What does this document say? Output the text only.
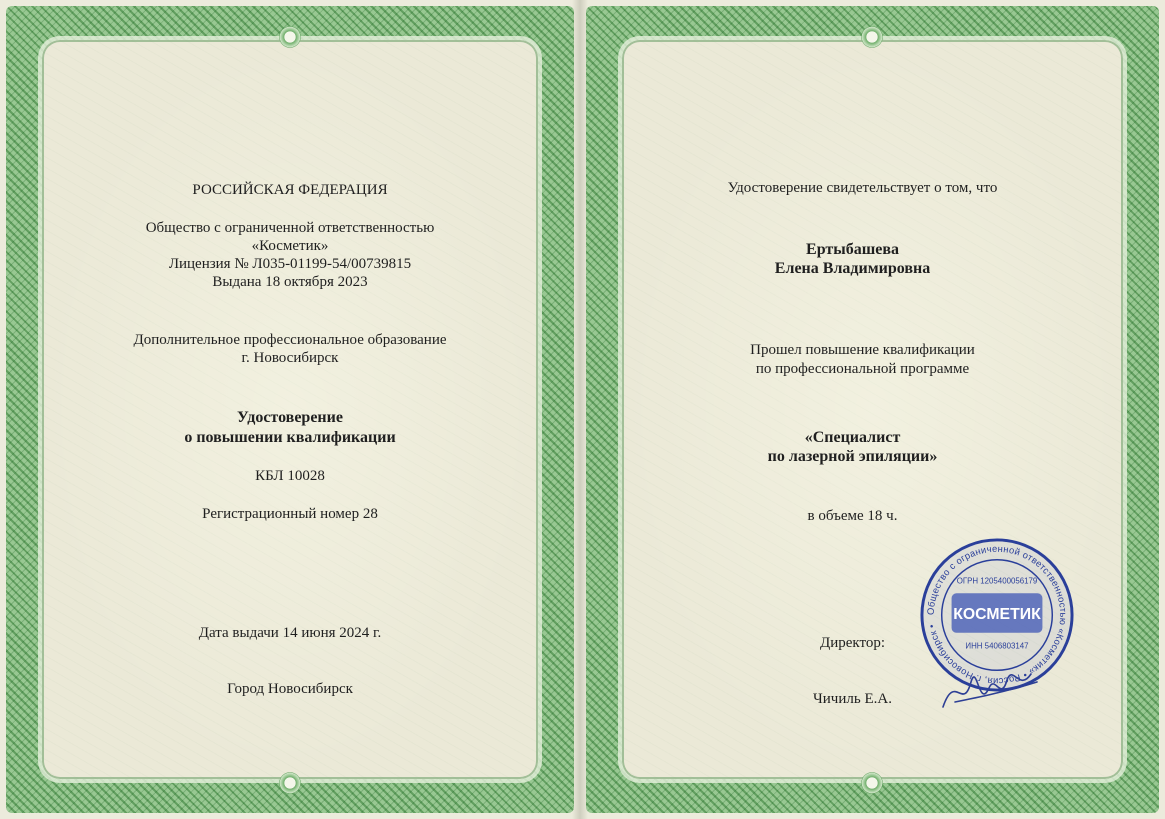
РОССИЙСКАЯ ФЕДЕРАЦИЯ
Общество с ограниченной ответственностью
«Косметик»
Лицензия № Л035-01199-54/00739815
Выдана 18 октября 2023
Дополнительное профессиональное образование
г. Новосибирск
Удостоверение
о повышении квалификации
КБЛ 10028
Регистрационный номер 28
Дата выдачи 14 июня 2024 г.
Город Новосибирск
Удостоверение свидетельствует о том, что
Ертыбашева
Елена Владимировна
Прошел повышение квалификации
по профессиональной программе
«Специалист
по лазерной эпиляции»
в объеме 18 ч.
Директор:
Чичиль Е.А.
Общество с ограниченной ответственностью «Косметик» • Россия, г. Новосибирск •
ОГРН 1205400056179
КОСМЕТИК
ИНН 5406803147
